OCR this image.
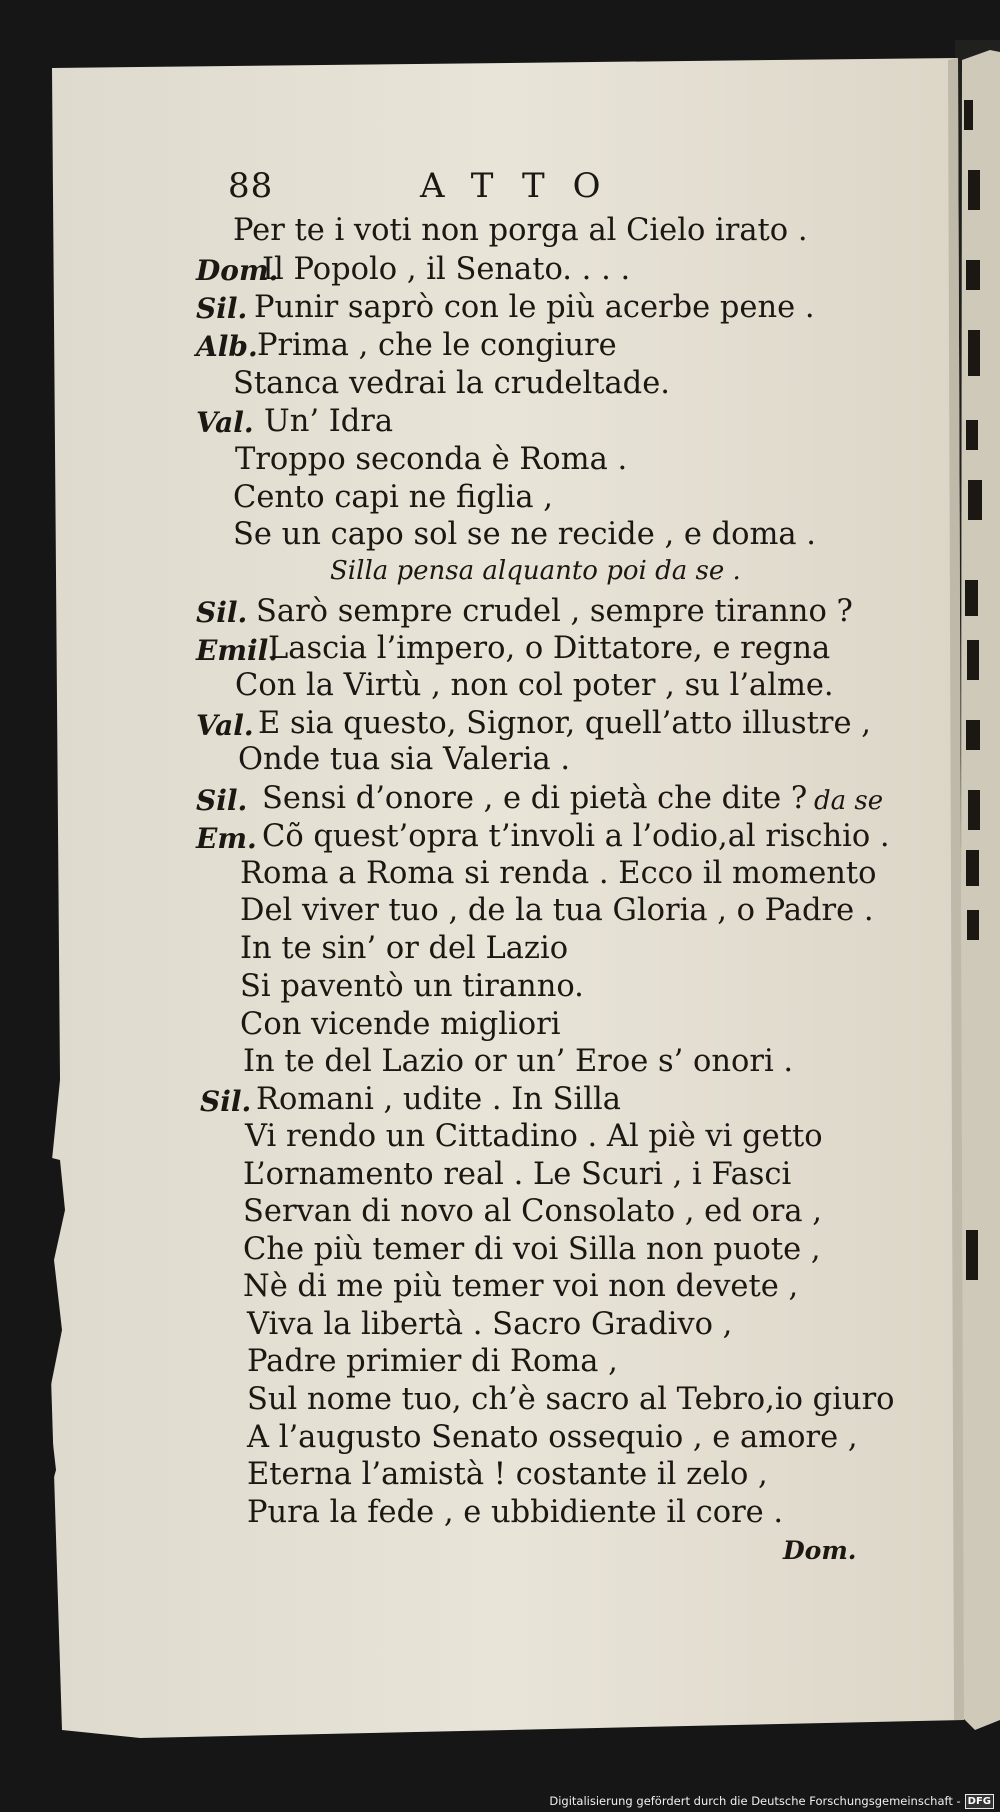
88	ATTO
Per te i voti non porga al Cielo irato .
Dom.
Il Popolo , il Senato. . . .
Sil. Punir saprò con le più acerbe pene .
Alb. Prima , che le congiure
Stanca vedrai la crudeltade.
Val. Un’ Idra
Troppo seconda è Roma .
Cento capi ne figlia ,
Se un capo sol se ne recide , e doma .
Silla pensa alquanto poi da se .
Sil. Sarò sempre crudel , sempre tiranno ?
Emil.
Lascia l’impero, o Dittatore, e regna
Con la Virtù , non col poter , su l’alme.
Val. E sia questo, Signor, quell’atto illustre ,
Onde tua sia Valeria .
Sil. Sensi d’onore , e di pietà che dite ? da se
Em. Cõ quest’opra t’involi a l’odio,al rischio .
Roma a Roma si renda . Ecco il momento
Del viver tuo , de la tua Gloria , o Padre .
In te sin’ or del Lazio
Si paventò un tiranno.
Con vicende migliori
In te del Lazio or un’ Eroe s’ onori .
Sil. Romani , udite . In Silla
Vi rendo un Cittadino . Al piè vi getto
L’ornamento real . Le Scuri , i Fasci
Servan di novo al Consolato , ed ora ,
Che più temer di voi Silla non puote ,
Nè di me più temer voi non devete ,
Viva la libertà . Sacro Gradivo ,
Padre primier di Roma ,
Sul nome tuo, ch’è sacro al Tebro,io giuro
A l’augusto Senato ossequio , e amore ,
Eterna l’amistà ! costante il zelo ,
Pura la fede , e ubbidiente il core .
Dom.
Digitalisierung gefördert durch die Deutsche Forschungsgemeinschaft - DFG
